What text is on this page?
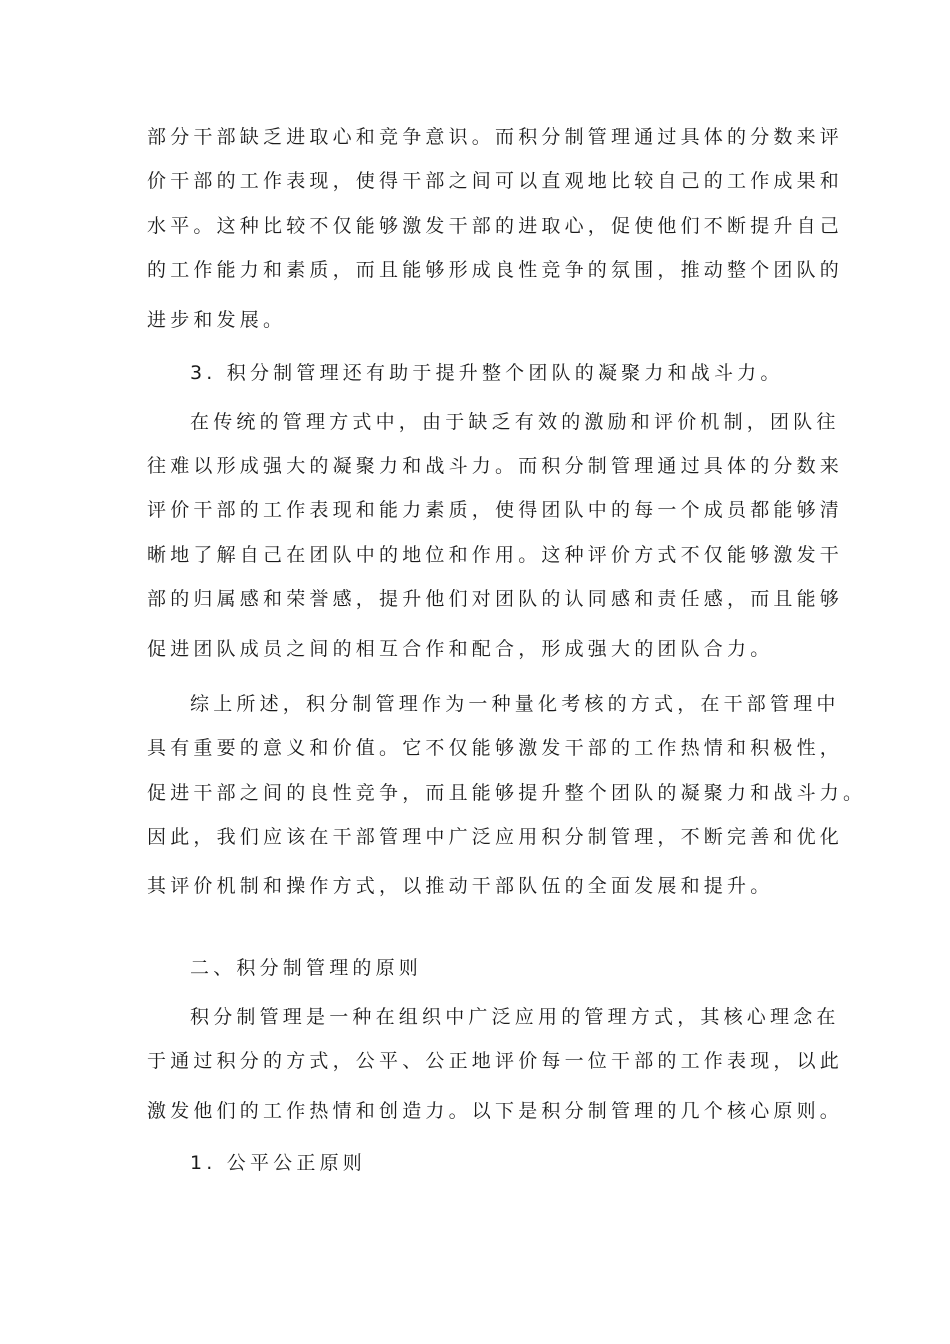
部分干部缺乏进取心和竞争意识。而积分制管理通过具体的分数来评

价干部的工作表现，使得干部之间可以直观地比较自己的工作成果和

水平。这种比较不仅能够激发干部的进取心，促使他们不断提升自己

的工作能力和素质，而且能够形成良性竞争的氛围，推动整个团队的

进步和发展。

3. 积分制管理还有助于提升整个团队的凝聚力和战斗力。

在传统的管理方式中，由于缺乏有效的激励和评价机制，团队往

往难以形成强大的凝聚力和战斗力。而积分制管理通过具体的分数来

评价干部的工作表现和能力素质，使得团队中的每一个成员都能够清

晰地了解自己在团队中的地位和作用。这种评价方式不仅能够激发干

部的归属感和荣誉感，提升他们对团队的认同感和责任感，而且能够

促进团队成员之间的相互合作和配合，形成强大的团队合力。

综上所述，积分制管理作为一种量化考核的方式，在干部管理中

具有重要的意义和价值。它不仅能够激发干部的工作热情和积极性，

促进干部之间的良性竞争，而且能够提升整个团队的凝聚力和战斗力。

因此，我们应该在干部管理中广泛应用积分制管理，不断完善和优化

其评价机制和操作方式，以推动干部队伍的全面发展和提升。

二、积分制管理的原则

积分制管理是一种在组织中广泛应用的管理方式，其核心理念在

于通过积分的方式，公平、公正地评价每一位干部的工作表现，以此

激发他们的工作热情和创造力。以下是积分制管理的几个核心原则。

1. 公平公正原则
